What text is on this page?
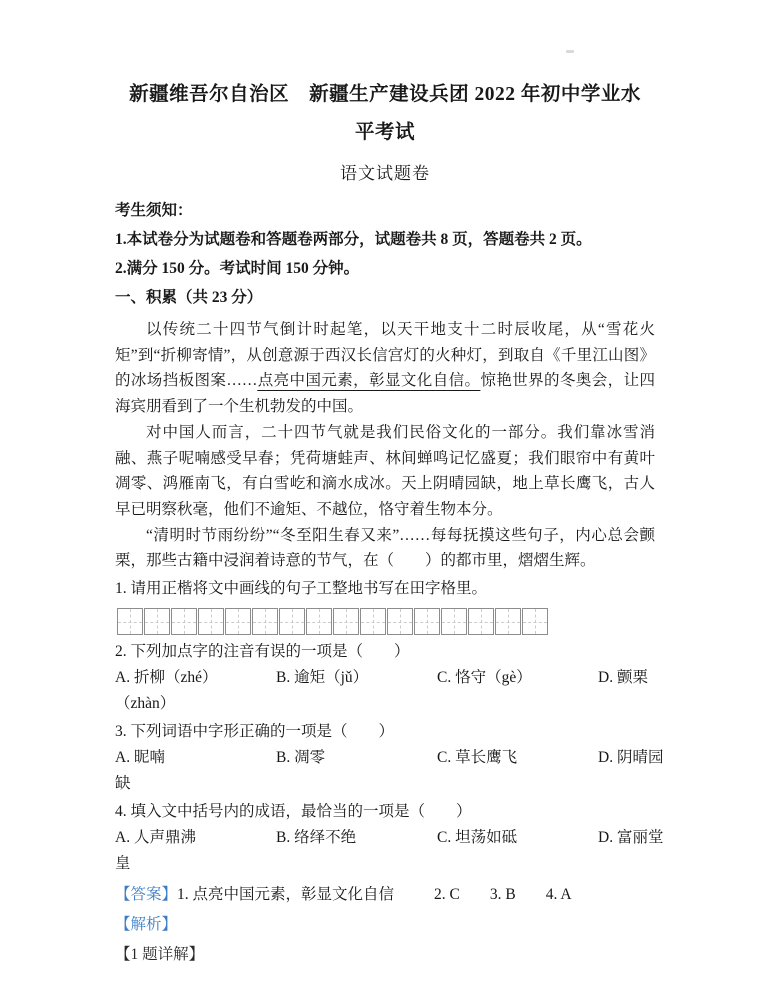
新疆维吾尔自治区　新疆生产建设兵团 2022 年初中学业水
平考试
语文试题卷
考生须知：
1.本试卷分为试题卷和答题卷两部分，试题卷共 8 页，答题卷共 2 页。
2.满分 150 分。考试时间 150 分钟。
一、积累（共 23 分）

以传统二十四节气倒计时起笔，以天干地支十二时辰收尾，从“雪花火矩”到“折柳寄情”，从创意源于西汉长信宫灯的火种灯，到取自《千里江山图》的冰场挡板图案……点亮中国元素，彰显文化自信。惊艳世界的冬奥会，让四海宾朋看到了一个生机勃发的中国。

对中国人而言，二十四节气就是我们民俗文化的一部分。我们靠冰雪消融、燕子呢喃感受早春；凭荷塘蛙声、林间蝉鸣记忆盛夏；我们眼帘中有黄叶凋零、鸿雁南飞，有白雪屹和滴水成冰。天上阴晴园缺，地上草长鹰飞，古人早已明察秋毫，他们不逾矩、不越位，恪守着生物本分。

“清明时节雨纷纷”“冬至阳生春又来”……每每抚摸这些句子，内心总会颤栗，那些古籍中浸润着诗意的节气，在（　　）的都市里，熠熠生辉。

1. 请用正楷将文中画线的句子工整地书写在田字格里。
2. 下列加点字的注音有误的一项是（　　）
A. 折柳（zhé）	B. 逾矩（jǔ）	C. 恪守（gè）	D. 颤栗
（zhàn）
3. 下列词语中字形正确的一项是（　　）
A. 昵喃	B. 凋零	C. 草长鹰飞	D. 阴晴园
缺
4. 填入文中括号内的成语，最恰当的一项是（　　）
A. 人声鼎沸	B. 络绎不绝	C. 坦荡如砥	D. 富丽堂
皇
【答案】1. 点亮中国元素，彰显文化自信	2. C 3. B 4. A
【解析】
【1 题详解】
